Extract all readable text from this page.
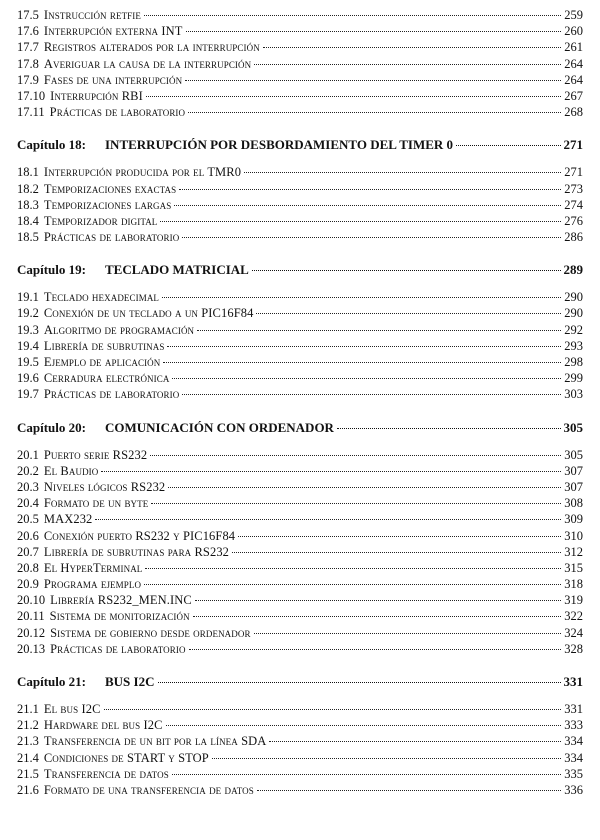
17.5 Instrucción retfie	259
17.6 Interrupción externa INT	260
17.7 Registros alterados por la interrupción	261
17.8 Averiguar la causa de la interrupción	264
17.9 Fases de una interrupción	264
17.10 Interrupción RBI	267
17.11 Prácticas de laboratorio	268
Capítulo 18:	INTERRUPCIÓN POR DESBORDAMIENTO DEL TIMER 0	271
18.1 Interrupción producida por el TMR0	271
18.2 Temporizaciones exactas	273
18.3 Temporizaciones largas	274
18.4 Temporizador digital	276
18.5 Prácticas de laboratorio	286
Capítulo 19:	TECLADO MATRICIAL	289
19.1 Teclado hexadecimal	290
19.2 Conexión de un teclado a un PIC16F84	290
19.3 Algoritmo de programación	292
19.4 Librería de subrutinas	293
19.5 Ejemplo de aplicación	298
19.6 Cerradura electrónica	299
19.7 Prácticas de laboratorio	303
Capítulo 20:	COMUNICACIÓN CON ORDENADOR	305
20.1 Puerto serie RS232	305
20.2 El Baudio	307
20.3 Niveles lógicos RS232	307
20.4 Formato de un byte	308
20.5 MAX232	309
20.6 Conexión puerto RS232 y PIC16F84	310
20.7 Librería de subrutinas para RS232	312
20.8 El HyperTerminal	315
20.9 Programa ejemplo	318
20.10 Librería RS232_MEN.INC	319
20.11 Sistema de monitorización	322
20.12 Sistema de gobierno desde ordenador	324
20.13 Prácticas de laboratorio	328
Capítulo 21:	BUS I2C	331
21.1 El bus I2C	331
21.2 Hardware del bus I2C	333
21.3 Transferencia de un bit por la línea SDA	334
21.4 Condiciones de START y STOP	334
21.5 Transferencia de datos	335
21.6 Formato de una transferencia de datos	336
